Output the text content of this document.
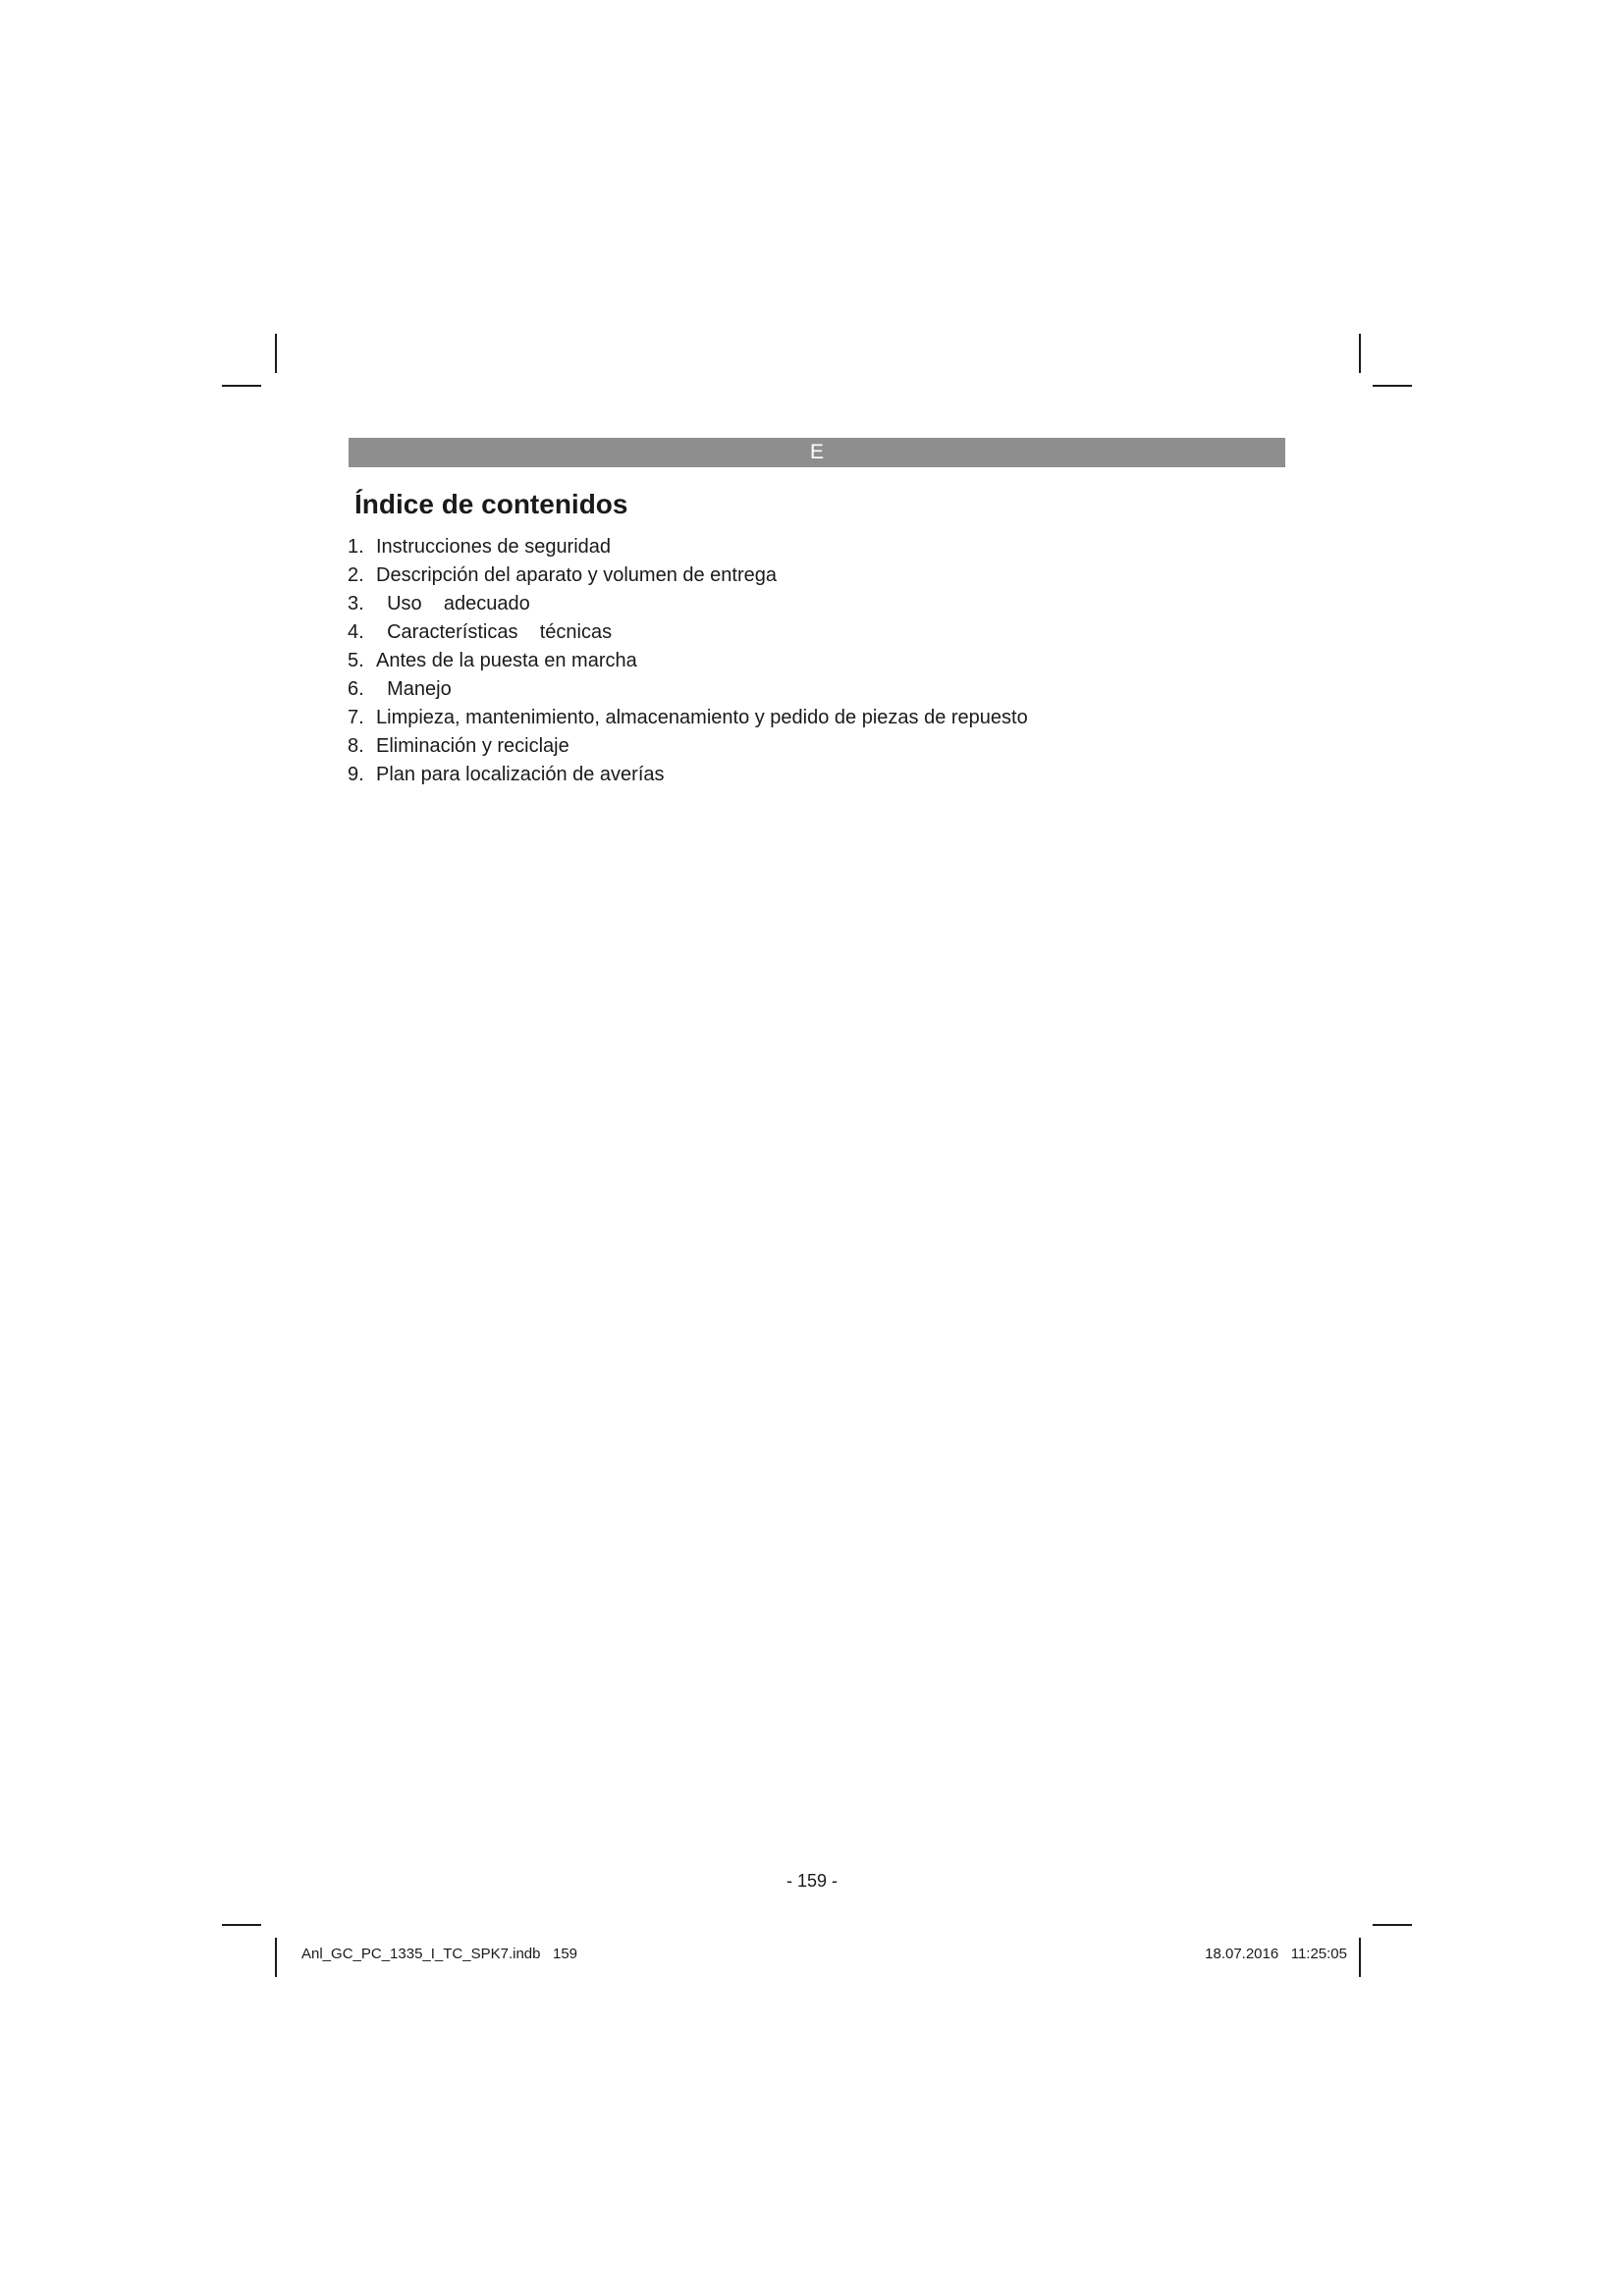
E
Índice de contenidos
1. Instrucciones de seguridad
2. Descripción del aparato y volumen de entrega
3. Uso    adecuado
4. Características    técnicas
5. Antes de la puesta en marcha
6. Manejo
7. Limpieza, mantenimiento, almacenamiento y pedido de piezas de repuesto
8. Eliminación y reciclaje
9. Plan para localización de averías
- 159 -
Anl_GC_PC_1335_I_TC_SPK7.indb   159	18.07.2016   11:25:05
